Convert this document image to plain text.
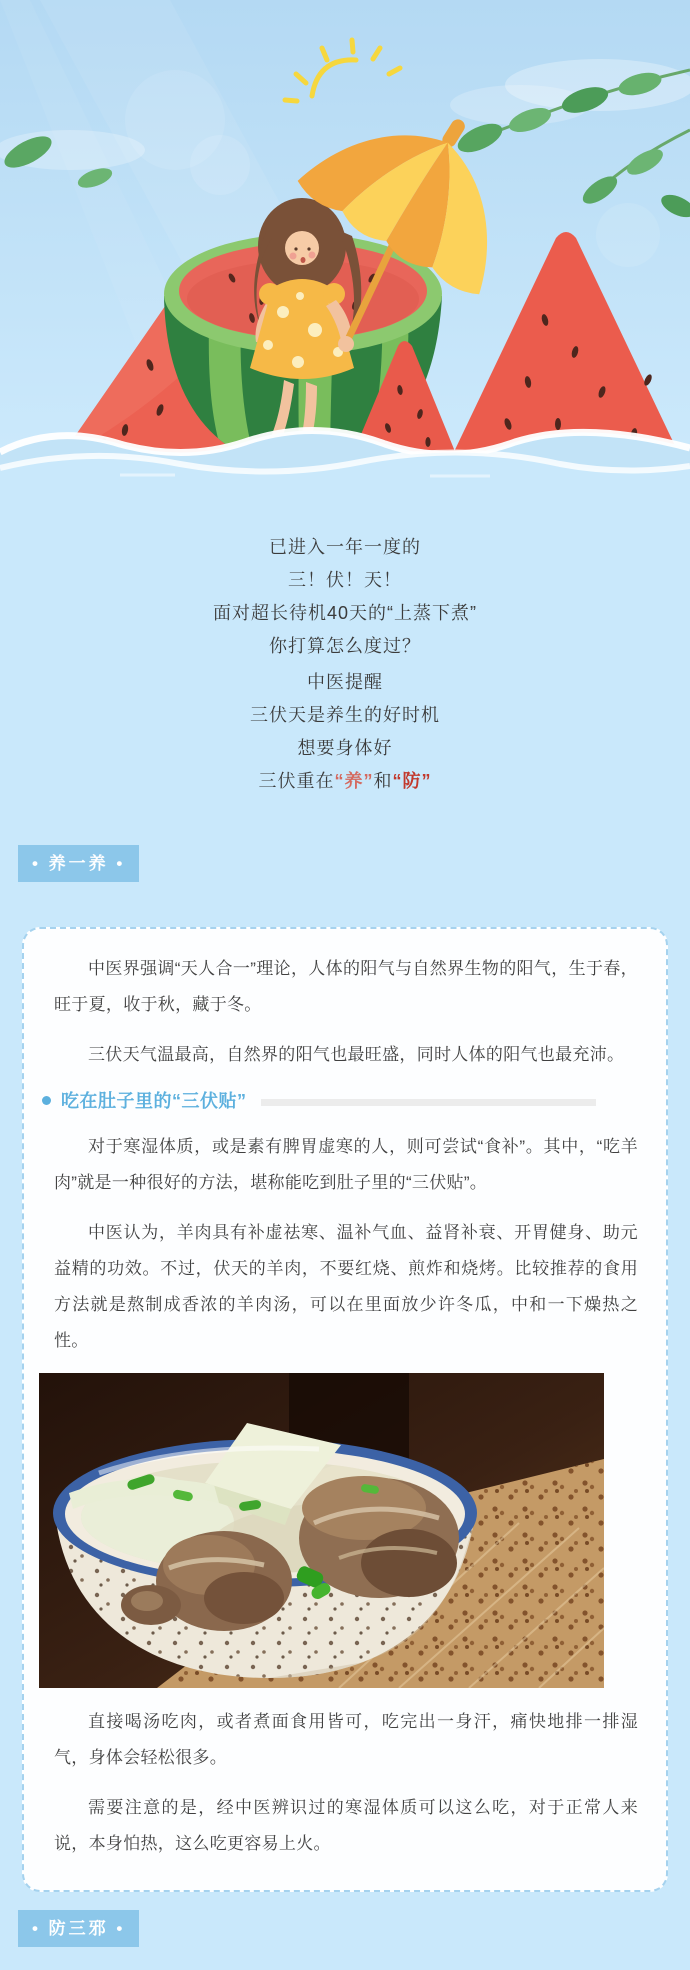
已进入一年一度的

三！伏！天！

面对超长待机40天的“上蒸下煮”

你打算怎么度过？

中医提醒

三伏天是养生的好时机

想要身体好

三伏重在“养”和“防”

• 养一养 •

中医界强调“天人合一”理论，人体的阳气与自然界生物的阳气，生于春，旺于夏，收于秋，藏于冬。

三伏天气温最高，自然界的阳气也最旺盛，同时人体的阳气也最充沛。

吃在肚子里的“三伏贴”

对于寒湿体质，或是素有脾胃虚寒的人，则可尝试“食补”。其中，“吃羊肉”就是一种很好的方法，堪称能吃到肚子里的“三伏贴”。

中医认为，羊肉具有补虚祛寒、温补气血、益肾补衰、开胃健身、助元益精的功效。不过，伏天的羊肉，不要红烧、煎炸和烧烤。比较推荐的食用方法就是熬制成香浓的羊肉汤，可以在里面放少许冬瓜，中和一下燥热之性。

直接喝汤吃肉，或者煮面食用皆可，吃完出一身汗，痛快地排一排湿气，身体会轻松很多。

需要注意的是，经中医辨识过的寒湿体质可以这么吃，对于正常人来说，本身怕热，这么吃更容易上火。

• 防三邪 •
